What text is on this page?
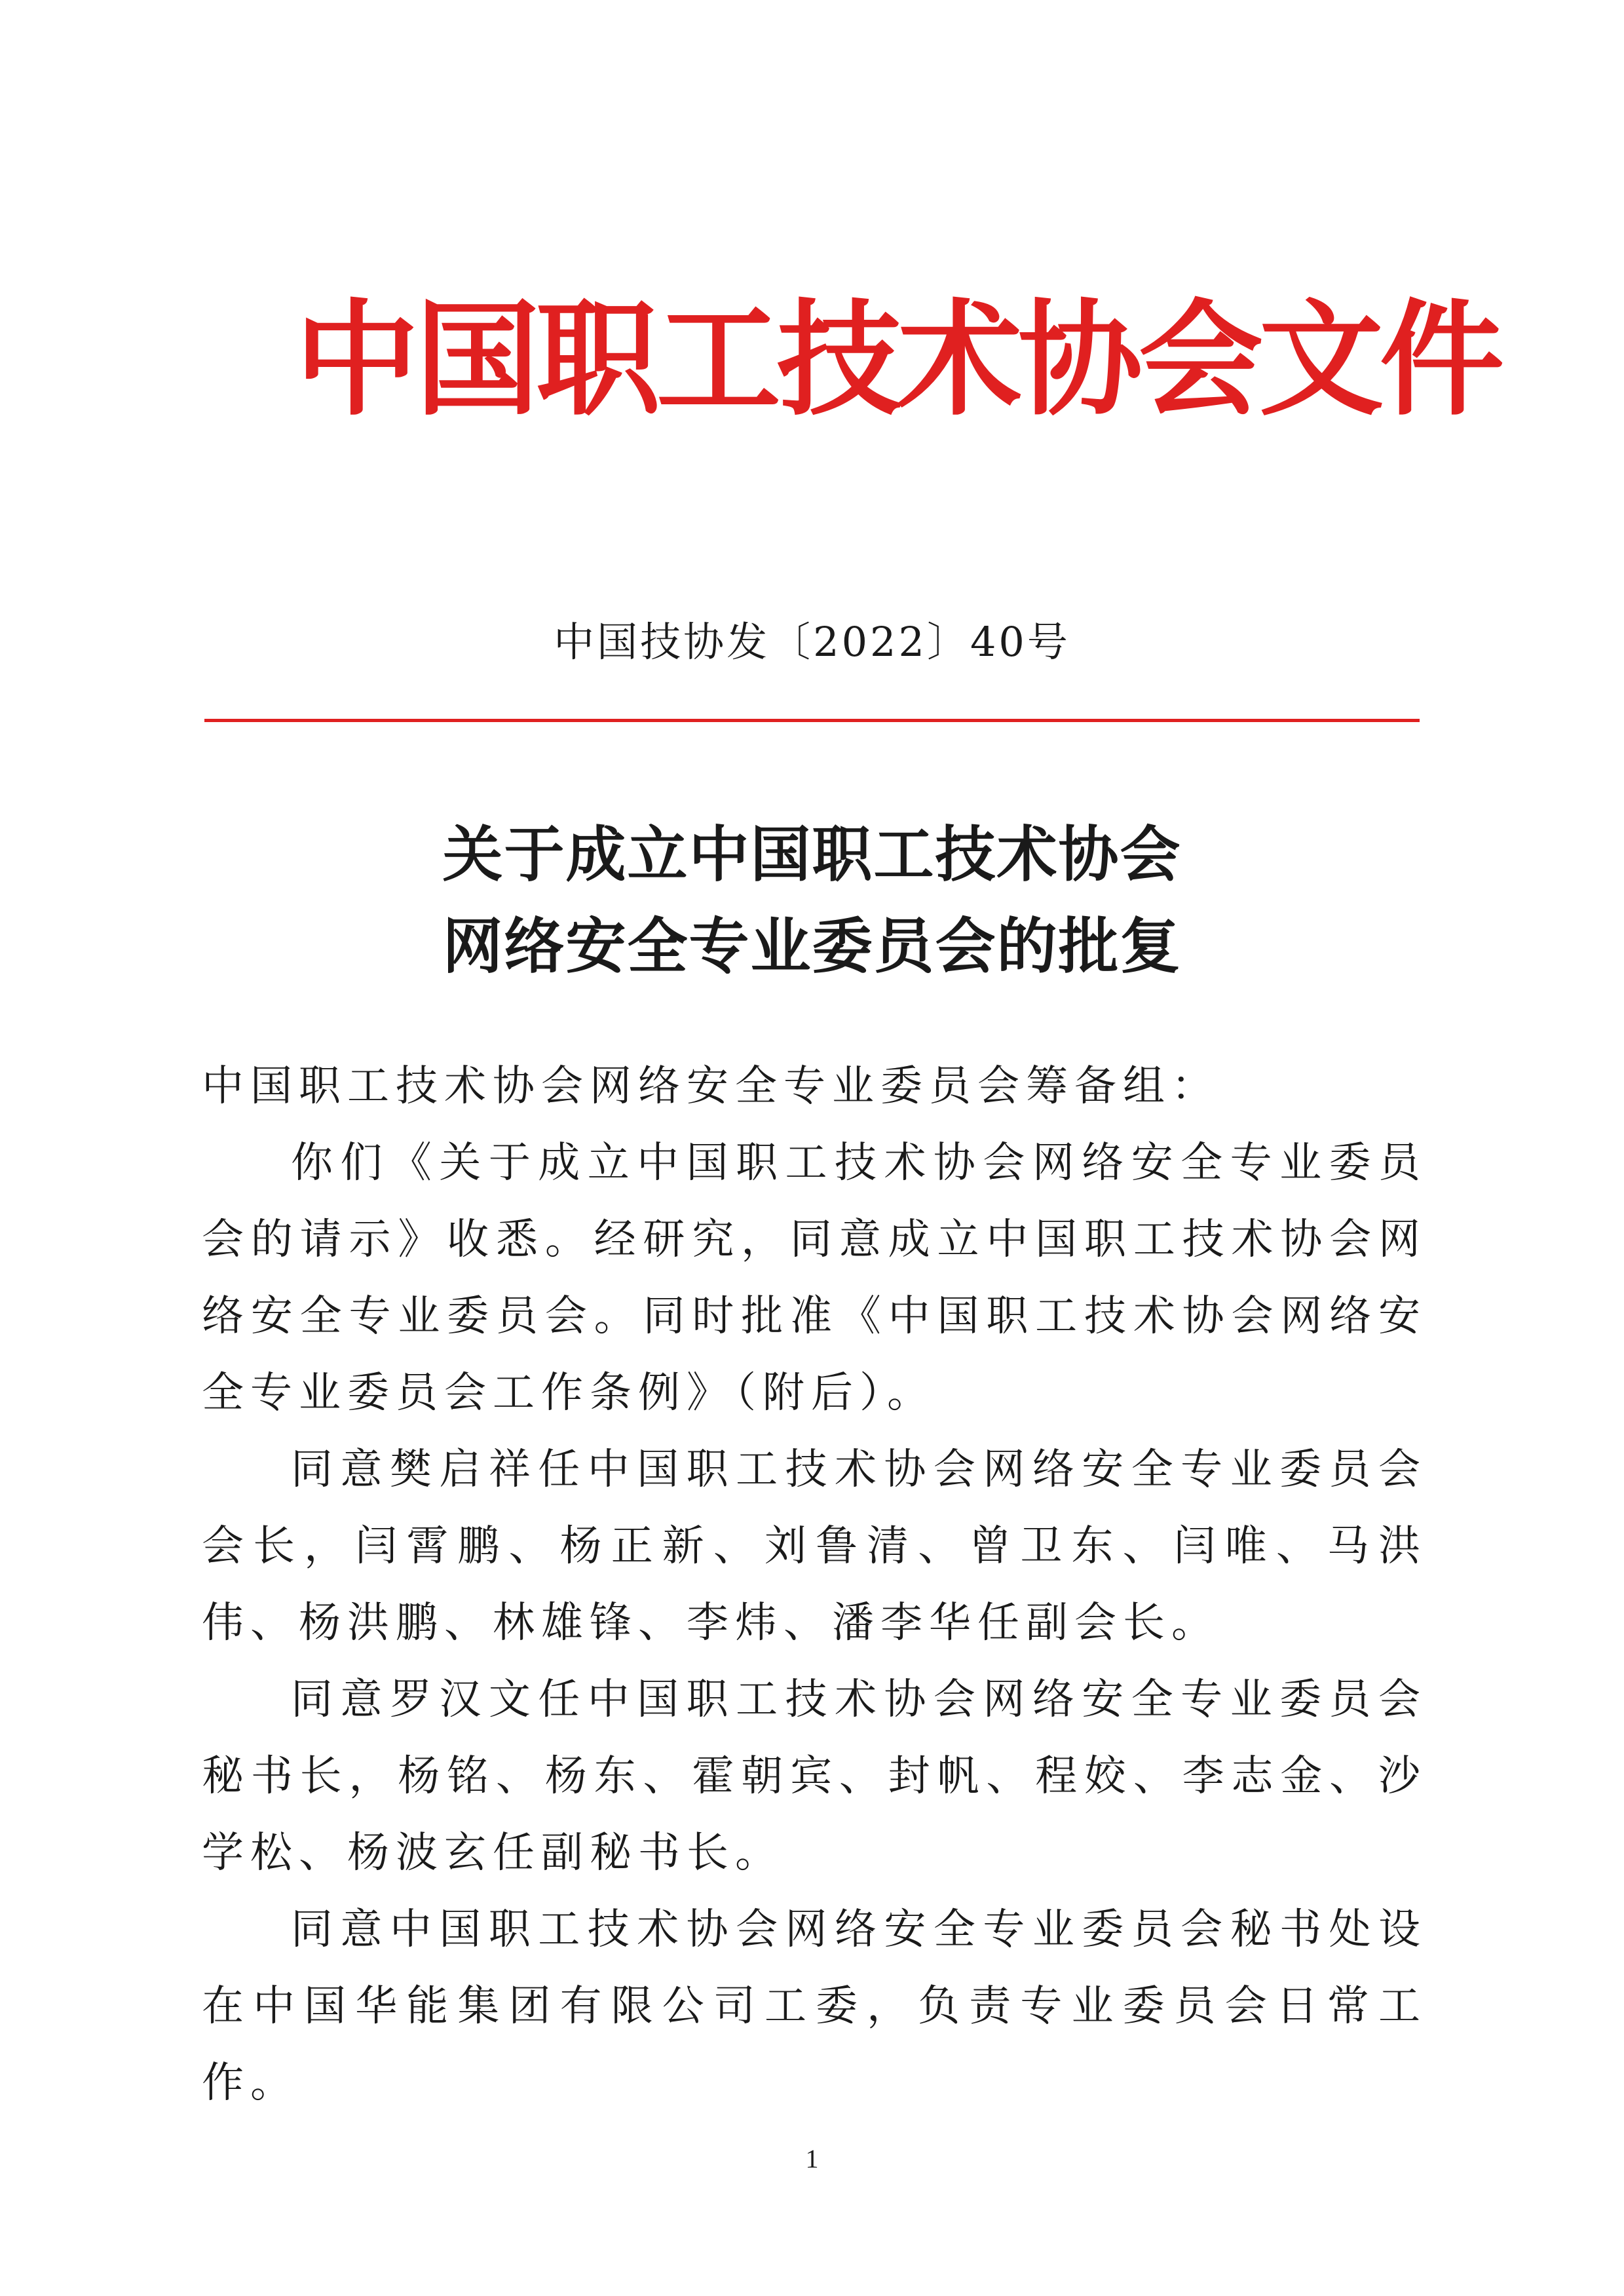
中国职工技术协会文件
中国技协发〔2022〕40号
关于成立中国职工技术协会
网络安全专业委员会的批复

中国职工技术协会网络安全专业委员会筹备组：

你们《关于成立中国职工技术协会网络安全专业委员会的请示》收悉。经研究，同意成立中国职工技术协会网络安全专业委员会。同时批准《中国职工技术协会网络安全专业委员会工作条例》（附后）。

同意樊启祥任中国职工技术协会网络安全专业委员会会长，闫霄鹏、杨正新、刘鲁清、曾卫东、闫唯、马洪伟、杨洪鹏、林雄锋、李炜、潘李华任副会长。

同意罗汉文任中国职工技术协会网络安全专业委员会秘书长，杨铭、杨东、霍朝宾、封帆、程姣、李志金、沙学松、杨波玄任副秘书长。

同意中国职工技术协会网络安全专业委员会秘书处设在中国华能集团有限公司工委，负责专业委员会日常工作。

1
